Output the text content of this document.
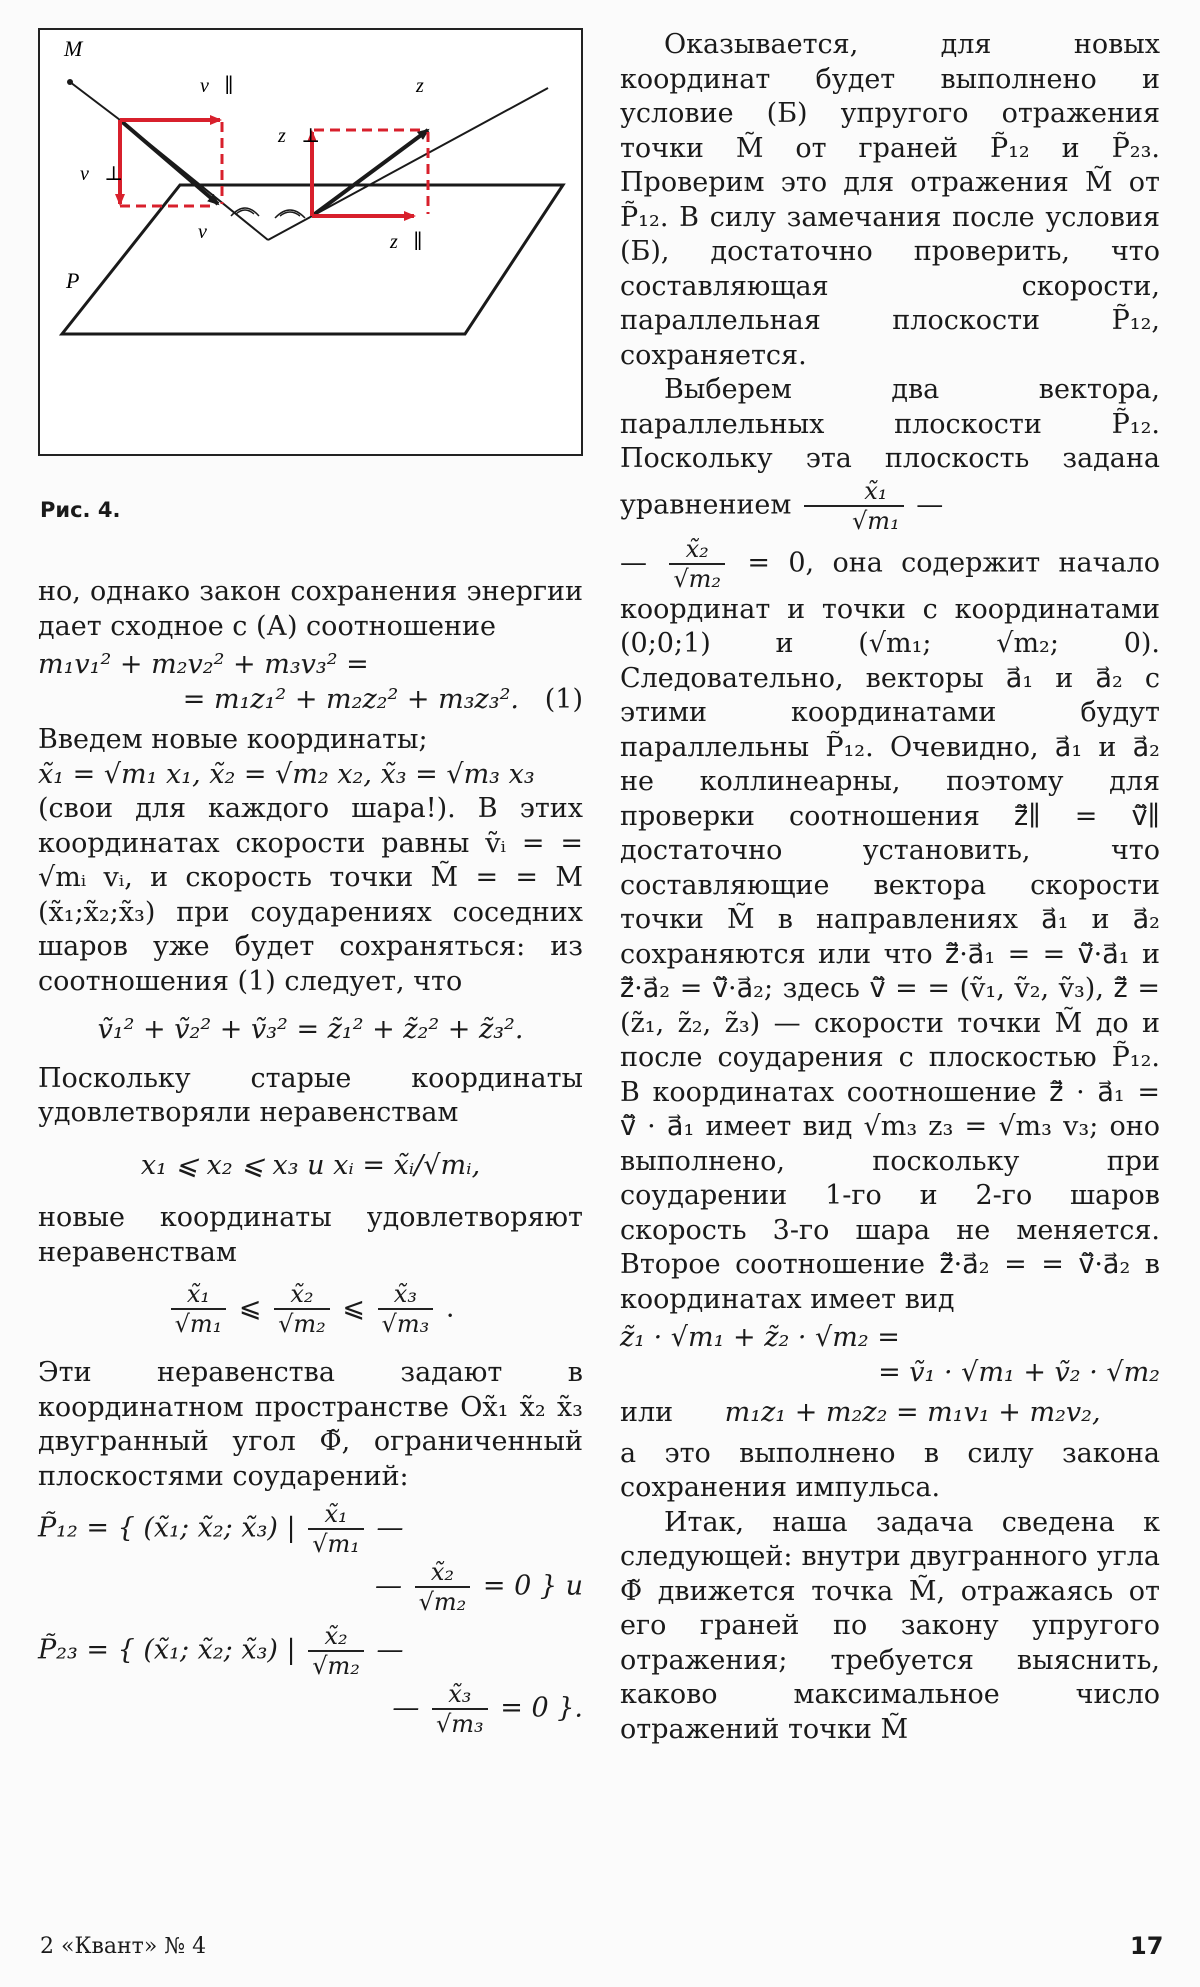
M
v⃗∥
v⃗⊥
v⃗
z⃗⊥
z⃗
z⃗∥
P
Рис. 4.

но, однако закон сохранения энергии дает сходное с (А) соотношение

m₁v₁² + m₂v₂² + m₃v₃² =
= m₁z₁² + m₂z₂² + m₃z₃². (1)

Введем новые координаты;

x̃₁ = √m₁ x₁, x̃₂ = √m₂ x₂, x̃₃ = √m₃ x₃

(свои для каждого шара!). В этих координатах скорости равны ṽᵢ = = √mᵢ vᵢ, и скорость точки M̃ = = M (x̃₁;x̃₂;x̃₃) при соударениях соседних шаров уже будет сохраняться: из соотношения (1) следует, что

ṽ₁² + ṽ₂² + ṽ₃² = z̃₁² + z̃₂² + z̃₃².

Поскольку старые координаты удовлетворяли неравенствам

x₁ ⩽ x₂ ⩽ x₃ и xᵢ = x̃ᵢ/√mᵢ,

новые координаты удовлетворяют неравенствам

$\frac{\text{x̃₁}}{\text{√m₁}}$ ⩽ $\frac{\text{x̃₂}}{\text{√m₂}}$ ⩽ $\frac{\text{x̃₃}}{\text{√m₃}}$ .

Эти неравенства задают в координатном пространстве Ox̃₁ x̃₂ x̃₃ двугранный угол Φ̃, ограниченный плоскостями соударений:

P̃₁₂ = { (x̃₁; x̃₂; x̃₃) | $\frac{\text{x̃₁}}{\text{√m₁}}$ —
— $\frac{\text{x̃₂}}{\text{√m₂}} = 0$ } и
P̃₂₃ = { (x̃₁; x̃₂; x̃₃) | $\frac{\text{x̃₂}}{\text{√m₂}}$ —
— $\frac{\text{x̃₃}}{\text{√m₃}} = 0$ }.

Оказывается, для новых координат будет выполнено и условие (Б) упругого отражения точки M̃ от граней P̃₁₂ и P̃₂₃. Проверим это для отражения M̃ от P̃₁₂. В силу замечания после условия (Б), достаточно проверить, что составляющая скорости, параллельная плоскости P̃₁₂, сохраняется.

Выберем два вектора, параллельных плоскости P̃₁₂. Поскольку эта плоскость задана уравнением $\frac{\text{x̃₁}}{\text{√m₁}}$ —

— $\frac{\text{x̃₂}}{\text{√m₂}} = 0$, она содержит начало координат и точки с координатами (0;0;1) и (√m₁; √m₂; 0). Следовательно, векторы a⃗₁ и a⃗₂ с этими координатами будут параллельны P̃₁₂. Очевидно, a⃗₁ и a⃗₂ не коллинеарны, поэтому для проверки соотношения z̃⃗∥ = ṽ⃗∥ достаточно установить, что составляющие вектора скорости точки M̃ в направлениях a⃗₁ и a⃗₂ сохраняются или что z̃⃗·a⃗₁ = = ṽ⃗·a⃗₁ и z̃⃗·a⃗₂ = ṽ⃗·a⃗₂; здесь ṽ⃗ = = (ṽ₁, ṽ₂, ṽ₃), z̃⃗ = (z̃₁, z̃₂, z̃₃) — скорости точки M̃ до и после соударения с плоскостью P̃₁₂. В координатах соотношение z̃⃗ · a⃗₁ = ṽ⃗ · a⃗₁ имеет вид √m₃ z₃ = √m₃ v₃; оно выполнено, поскольку при соударении 1-го и 2-го шаров скорость 3-го шара не меняется. Второе соотношение z̃⃗·a⃗₂ = = ṽ⃗·a⃗₂ в координатах имеет вид

z̃₁ · √m₁ + z̃₂ · √m₂ =
= ṽ₁ · √m₁ + ṽ₂ · √m₂
или m₁z₁ + m₂z₂ = m₁v₁ + m₂v₂,

а это выполнено в силу закона сохранения импульса.

Итак, наша задача сведена к следующей: внутри двугранного угла Φ̃ движется точка M̃, отражаясь от его граней по закону упругого отражения; требуется выяснить, каково максимальное число отражений точки M̃

2 «Квант» № 4	17
